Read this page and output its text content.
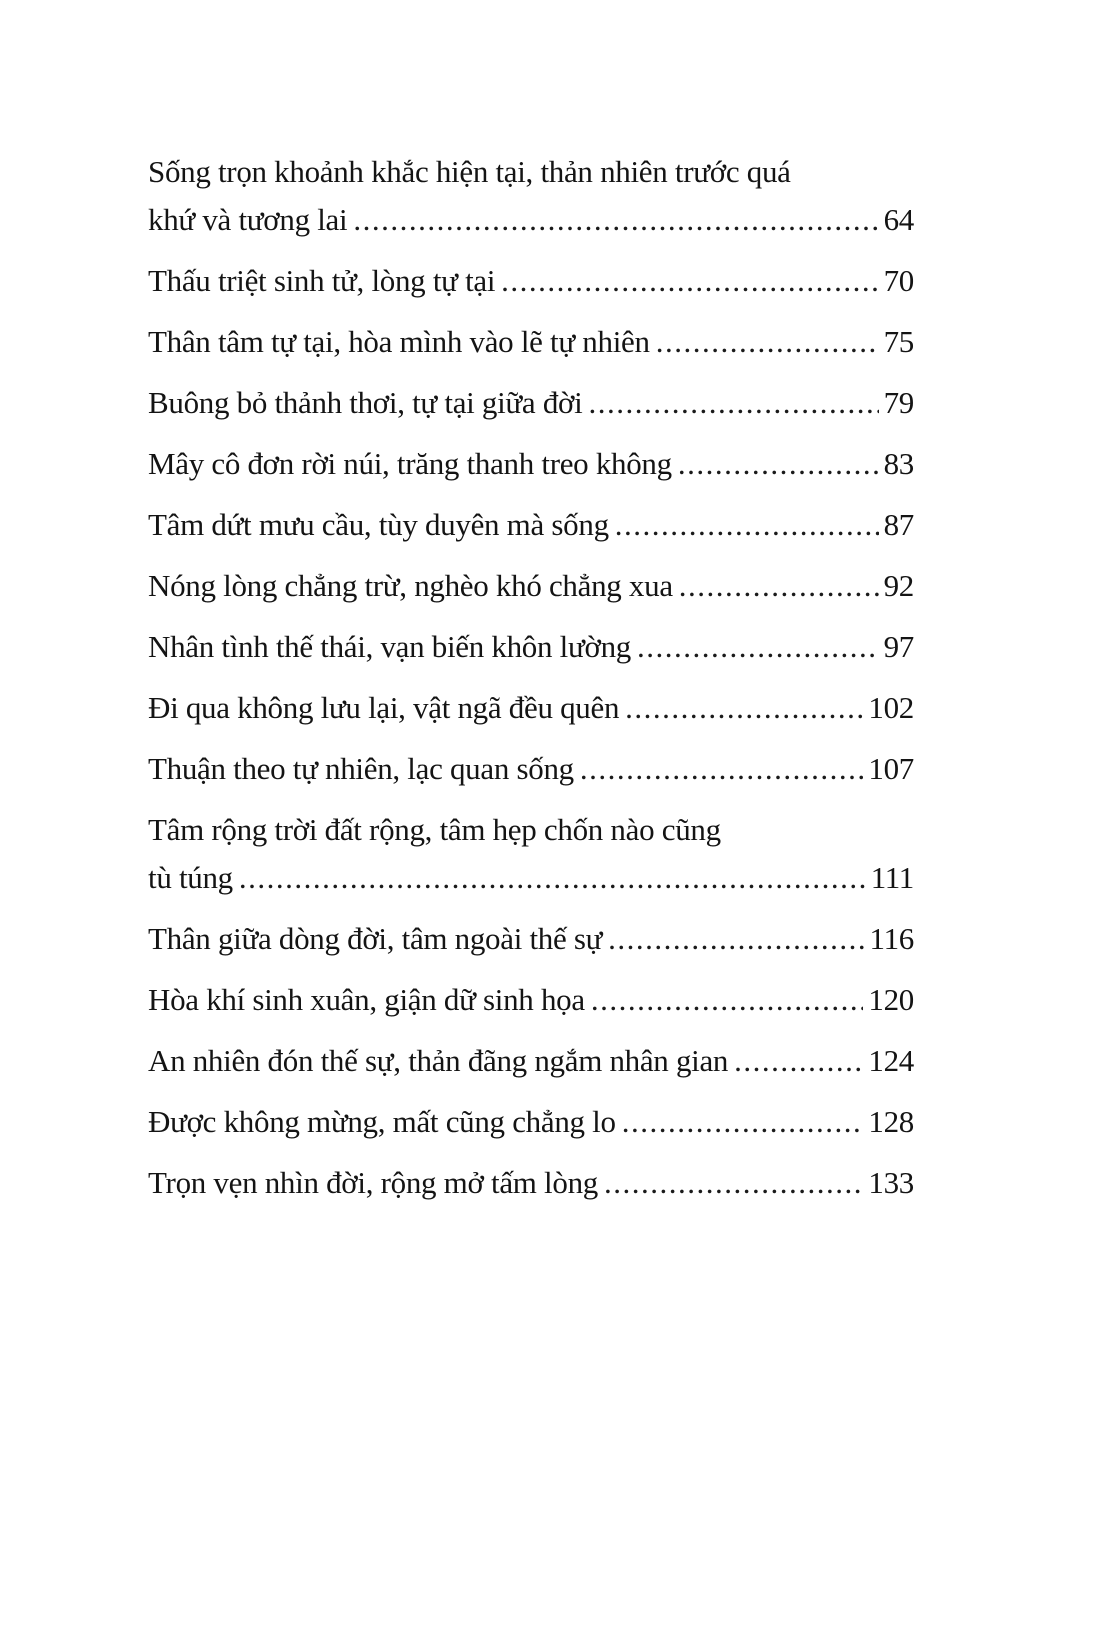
Sống trọn khoảnh khắc hiện tại, thản nhiên trước quá
khứ và tương lai .....	64
Thấu triệt sinh tử, lòng tự tại .....	70
Thân tâm tự tại, hòa mình vào lẽ tự nhiên .....	75
Buông bỏ thảnh thơi, tự tại giữa đời .....	79
Mây cô đơn rời núi, trăng thanh treo không .....	83
Tâm dứt mưu cầu, tùy duyên mà sống .....	87
Nóng lòng chẳng trừ, nghèo khó chẳng xua .....	92
Nhân tình thế thái, vạn biến khôn lường .....	97
Đi qua không lưu lại, vật ngã đều quên .....	102
Thuận theo tự nhiên, lạc quan sống .....	107
Tâm rộng trời đất rộng, tâm hẹp chốn nào cũng
tù túng .....	111
Thân giữa dòng đời, tâm ngoài thế sự .....	116
Hòa khí sinh xuân, giận dữ sinh họa .....	120
An nhiên đón thế sự, thản đãng ngắm nhân gian .....	124
Được không mừng, mất cũng chẳng lo .....	128
Trọn vẹn nhìn đời, rộng mở tấm lòng .....	133
